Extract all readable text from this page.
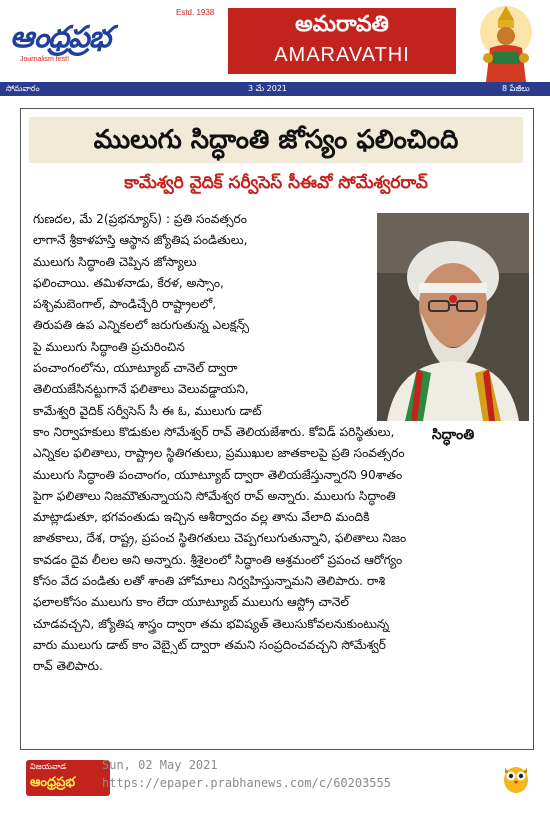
Estd. 1938
ఆంధ్రప్రభ
Journalism first!
అమరావతి
AMARAVATHI
సోమవారం	3 మే 2021	8 పేజీలు
ములుగు సిద్ధాంతి జోస్యం ఫలించింది
కామేశ్వరి వైదిక్ సర్వీసెస్ సీఈవో సోమేశ్వరరావ్
గుణదల, మే 2(ప్రభన్యూస్) : ప్రతి సంవత్సరం
లాగానే శ్రీకాళహస్తి ఆస్థాన జ్యోతిష పండితులు,
ములుగు సిద్ధాంతి చెప్పిన జోస్యాలు
ఫలించాయి. తమిళనాడు, కేరళ, అస్సాం,
పశ్చిమబెంగాల్, పాండిచ్చేరి రాష్ట్రాలలో,
తిరుపతి ఉప ఎన్నికలలో జరుగుతున్న ఎలక్షన్స్
పై ములుగు సిద్ధాంతి ప్రచురించిన
పంచాంగంలోను, యూట్యూబ్ చానెల్ ద్వారా
తెలియజేసినట్టుగానే ఫలితాలు వెలువడ్డాయని,
కామేశ్వరి వైదిక్ సర్వీసెస్ సీ ఈ ఓ, ములుగు డాట్
కాం నిర్వాహకులు కొడుకుల సోమేశ్వర్ రావ్ తెలియజేశారు. కోవిడ్ పరిస్థితులు,
ఎన్నికల ఫలితాలు, రాష్ట్రాల స్థితిగతులు, ప్రముఖుల జాతకాలపై ప్రతి సంవత్సరం
ములుగు సిద్ధాంతి పంచాంగం, యూట్యూబ్ ద్వారా తెలియజేస్తున్నారని 90శాతం
పైగా ఫలితాలు నిజమౌతున్నాయని సోమేశ్వర రావ్ అన్నారు. ములుగు సిద్ధాంతి
మాట్లాడుతూ, భగవంతుడు ఇచ్చిన ఆశీర్వాదం వల్ల తాను వేలాది మందికి
జాతకాలు, దేశ, రాష్ట్ర, ప్రపంచ స్థితిగతులు చెప్పగలుగుతున్నాని, ఫలితాలు నిజం
కావడం దైవ లీలల అని అన్నారు. శ్రీశైలంలో సిద్ధాంతి ఆశ్రమంలో ప్రపంచ ఆరోగ్యం
కోసం వేద పండితు లతో శాంతి హోమాలు నిర్వహిస్తున్నామని తెలిపారు. రాశి
ఫలాలకోసం ములుగు కాం లేదా యూట్యూబ్ ములుగు ఆస్ట్రో చానెల్
చూడవచ్చని, జ్యోతిష శాస్త్రం ద్వారా తమ భవిష్యత్ తెలుసుకోవలనుకుంటున్న
వారు ములుగు డాట్ కాం వెబ్సైట్ ద్వారా తమని సంప్రదించవచ్చని సోమేశ్వర్
రావ్ తెలిపారు.
సిద్ధాంతి
విజయవాడ
ఆంధ్రప్రభ
Sun, 02 May 2021
https://epaper.prabhanews.com/c/60203555
